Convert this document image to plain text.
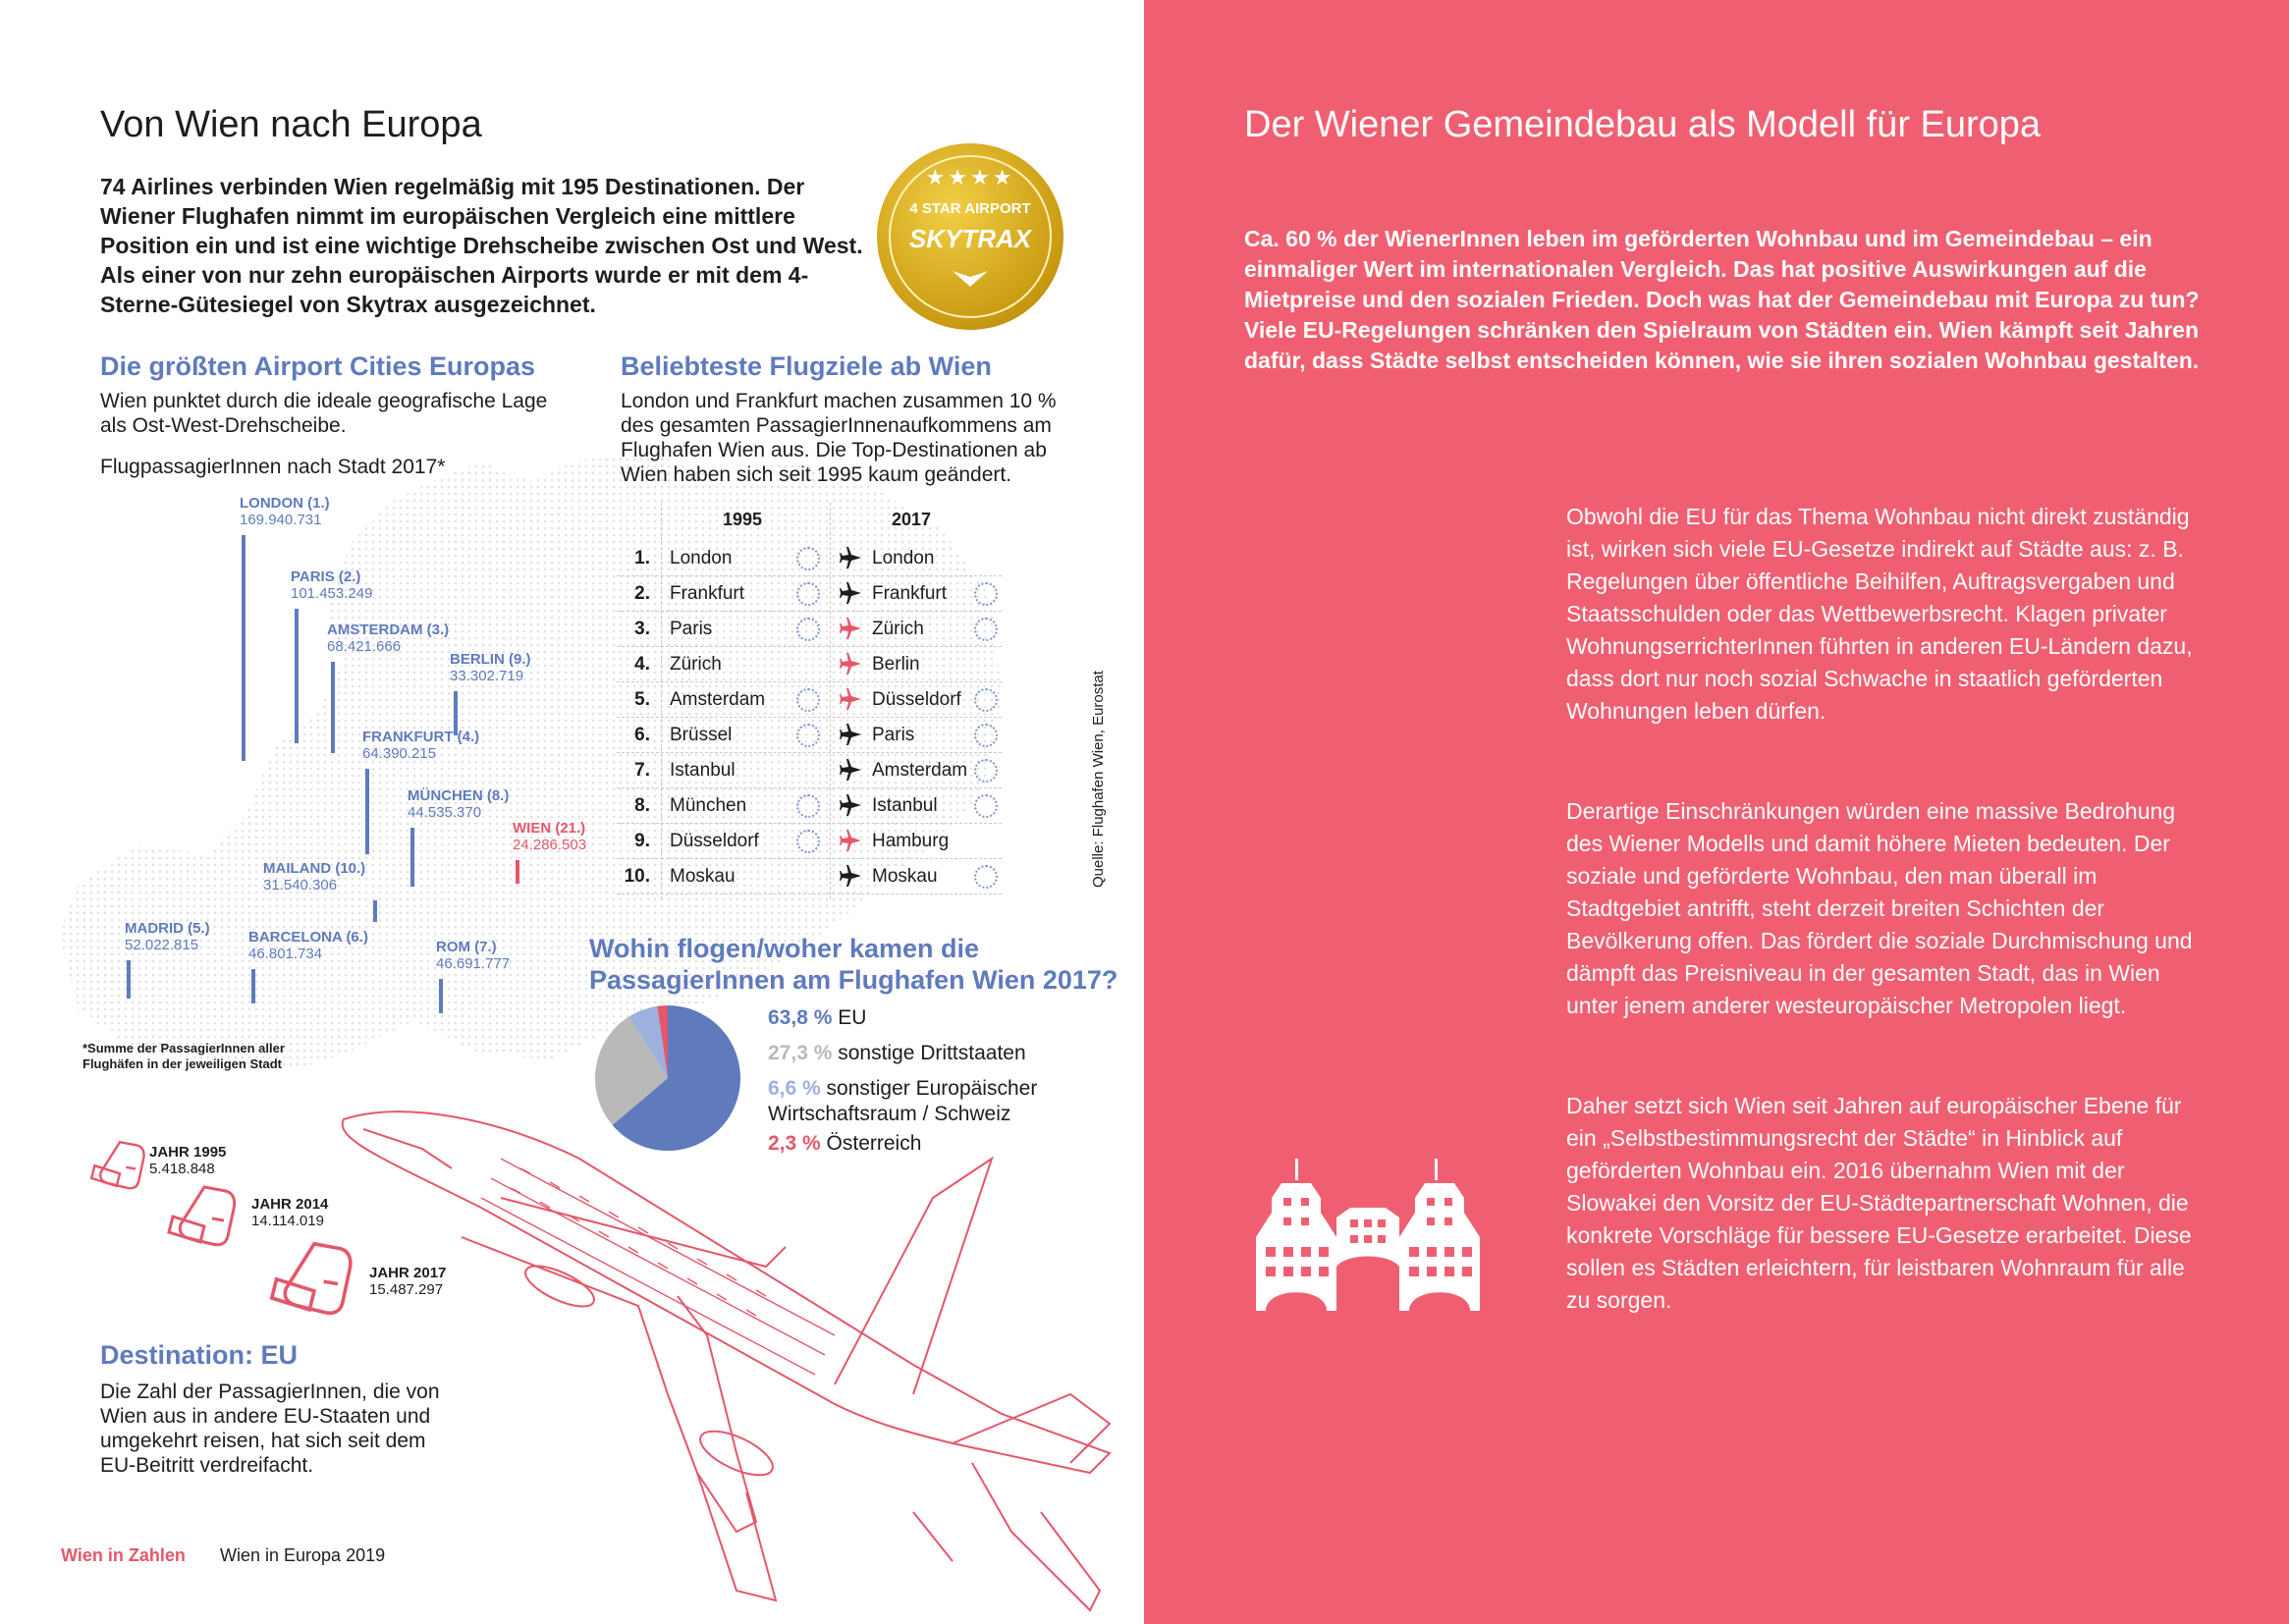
Von Wien nach Europa
74 Airlines verbinden Wien regelmäßig mit 195 Destinationen. Der Wiener Flughafen nimmt im europäischen Vergleich eine mittlere Position ein und ist eine wichtige Drehscheibe zwischen Ost und West. Als einer von nur zehn europäischen Airports wurde er mit dem 4-Sterne-Gütesiegel von Skytrax ausgezeichnet.
★★★★
4 STAR AIRPORT
SKYTRAX
Die größten Airport Cities Europas
Wien punktet durch die ideale geografische Lage als Ost-West-Drehscheibe.
FlugpassagierInnen nach Stadt 2017*
LONDON (1.)
169.940.731
PARIS (2.)
101.453.249
AMSTERDAM (3.)
68.421.666
BERLIN (9.)
33.302.719
FRANKFURT (4.)
64.390.215
MÜNCHEN (8.)
44.535.370
WIEN (21.)
24.286.503
MAILAND (10.)
31.540.306
MADRID (5.)
52.022.815	BARCELONA (6.)
46.801.734	ROM (7.)
46.691.777
*Summe der PassagierInnen aller Flughäfen in der jeweiligen Stadt
Beliebteste Flugziele ab Wien
London und Frankfurt machen zusammen 10 % des gesamten PassagierInnenaufkommens am Flughafen Wien aus. Die Top-Destinationen ab Wien haben sich seit 1995 kaum geändert.
1995	2017
1. London	London
2. Frankfurt	Frankfurt
3. Paris	Zürich
4. Zürich	Berlin
5. Amsterdam	Düsseldorf
6. Brüssel	Paris
7. Istanbul	Amsterdam
8. München	Istanbul
9. Düsseldorf	Hamburg
10. Moskau	Moskau	Quelle: Flughafen Wien, Eurostat
Wohin flogen/woher kamen die PassagierInnen am Flughafen Wien 2017?
63,8 % EU
27,3 % sonstige Drittstaaten
6,6 % sonstiger Europäischer Wirtschaftsraum / Schweiz
2,3 % Österreich
JAHR 1995
5.418.848
JAHR 2014
14.114.019
JAHR 2017
15.487.297
Destination: EU
Die Zahl der PassagierInnen, die von Wien aus in andere EU-Staaten und umgekehrt reisen, hat sich seit dem EU-Beitritt verdreifacht.
Wien in Zahlen Wien in Europa 2019
Der Wiener Gemeindebau als Modell für Europa
Ca. 60 % der WienerInnen leben im geförderten Wohnbau und im Gemeindebau – ein einmaliger Wert im internationalen Vergleich. Das hat positive Auswirkungen auf die Mietpreise und den sozialen Frieden. Doch was hat der Gemeindebau mit Europa zu tun? Viele EU-Regelungen schränken den Spielraum von Städten ein. Wien kämpft seit Jahren dafür, dass Städte selbst entscheiden können, wie sie ihren sozialen Wohnbau gestalten.
Obwohl die EU für das Thema Wohnbau nicht direkt zuständig ist, wirken sich viele EU-Gesetze indirekt auf Städte aus: z. B. Regelungen über öffentliche Beihilfen, Auftragsvergaben und Staatsschulden oder das Wettbewerbsrecht. Klagen privater WohnungserrichterInnen führten in anderen EU-Ländern dazu, dass dort nur noch sozial Schwache in staatlich geförderten Wohnungen leben dürfen.
Derartige Einschränkungen würden eine massive Bedrohung des Wiener Modells und damit höhere Mieten bedeuten. Der soziale und geförderte Wohnbau, den man überall im Stadtgebiet antrifft, steht derzeit breiten Schichten der Bevölkerung offen. Das fördert die soziale Durchmischung und dämpft das Preisniveau in der gesamten Stadt, das in Wien unter jenem anderer westeuropäischer Metropolen liegt.
Daher setzt sich Wien seit Jahren auf europäischer Ebene für ein „Selbstbestimmungsrecht der Städte“ in Hinblick auf geförderten Wohnbau ein. 2016 übernahm Wien mit der Slowakei den Vorsitz der EU-Städtepartnerschaft Wohnen, die konkrete Vorschläge für bessere EU-Gesetze erarbeitet. Diese sollen es Städten erleichtern, für leistbaren Wohnraum für alle zu sorgen.
